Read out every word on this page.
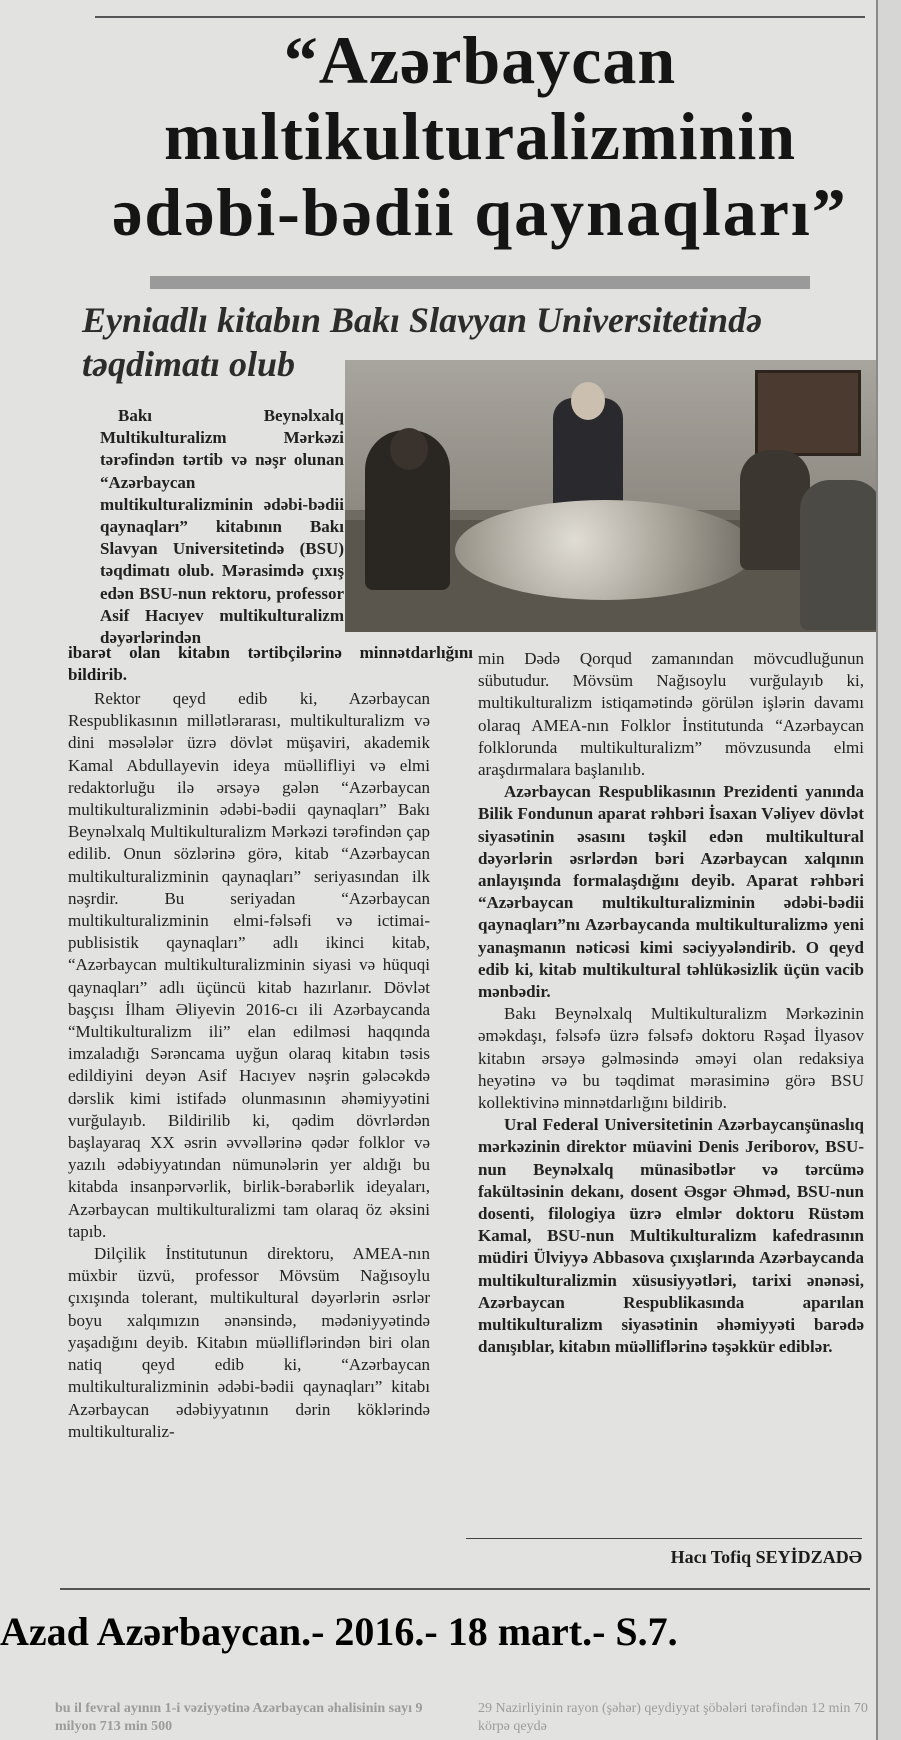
“Azərbaycan
multikulturalizminin
ədəbi-bədii qaynaqları”
Eyniadlı kitabın Bakı Slavyan Universitetində təqdimatı olub

Bakı Beynəlxalq Multikulturalizm Mərkəzi tərəfindən tərtib və nəşr olunan “Azərbaycan multikulturalizminin ədəbi-bədii qaynaqları” kitabının Bakı Slavyan Universitetində (BSU) təqdimatı olub. Mərasimdə çıxış edən BSU-nun rektoru, professor Asif Hacıyev multikulturalizm dəyərlərindən

ibarət olan kitabın tərtibçilərinə minnətdarlığını bildirib.

Rektor qeyd edib ki, Azərbaycan Respublikasının millətlərarası, multikulturalizm və dini məsələlər üzrə dövlət müşaviri, akademik Kamal Abdullayevin ideya müəllifliyi və elmi redaktorluğu ilə ərsəyə gələn “Azərbaycan multikulturalizminin ədəbi-bədii qaynaqları” Bakı Beynəlxalq Multikulturalizm Mərkəzi tərəfindən çap edilib. Onun sözlərinə görə, kitab “Azərbaycan multikulturalizminin qaynaqları” seriyasından ilk nəşrdir. Bu seriyadan “Azərbaycan multikulturalizminin elmi-fəlsəfi və ictimai-publisistik qaynaqları” adlı ikinci kitab, “Azərbaycan multikulturalizminin siyasi və hüquqi qaynaqları” adlı üçüncü kitab hazırlanır. Dövlət başçısı İlham Əliyevin 2016-cı ili Azərbaycanda “Multikulturalizm ili” elan edilməsi haqqında imzaladığı Sərəncama uyğun olaraq kitabın təsis edildiyini deyən Asif Hacıyev nəşrin gələcəkdə dərslik kimi istifadə olunmasının əhəmiyyətini vurğulayıb. Bildirilib ki, qədim dövrlərdən başlayaraq XX əsrin əvvəllərinə qədər folklor və yazılı ədəbiyyatından nümunələrin yer aldığı bu kitabda insanpərvərlik, birlik-bərabərlik ideyaları, Azərbaycan multikulturalizmi tam olaraq öz əksini tapıb.

Dilçilik İnstitutunun direktoru, AMEA-nın müxbir üzvü, professor Mövsüm Nağısoylu çıxışında tolerant, multikultural dəyərlərin əsrlər boyu xalqımızın ənənsində, mədəniyyətində yaşadığını deyib. Kitabın müəlliflərindən biri olan natiq qeyd edib ki, “Azərbaycan multikulturalizminin ədəbi-bədii qaynaqları” kitabı Azərbaycan ədəbiyyatının dərin köklərində multikulturaliz-

min Dədə Qorqud zamanından mövcudluğunun sübutudur. Mövsüm Nağısoylu vurğulayıb ki, multikulturalizm istiqamətində görülən işlərin davamı olaraq AMEA-nın Folklor İnstitutunda “Azərbaycan folklorunda multikulturalizm” mövzusunda elmi araşdırmalara başlanılıb.

Azərbaycan Respublikasının Prezidenti yanında Bilik Fondunun aparat rəhbəri İsaxan Vəliyev dövlət siyasətinin əsasını təşkil edən multikultural dəyərlərin əsrlərdən bəri Azərbaycan xalqının anlayışında formalaşdığını deyib. Aparat rəhbəri “Azərbaycan multikulturalizminin ədəbi-bədii qaynaqları”nı Azərbaycanda multikulturalizmə yeni yanaşmanın nəticəsi kimi səciyyələndirib. O qeyd edib ki, kitab multikultural təhlükəsizlik üçün vacib mənbədir.

Bakı Beynəlxalq Multikulturalizm Mərkəzinin əməkdaşı, fəlsəfə üzrə fəlsəfə doktoru Rəşad İlyasov kitabın ərsəyə gəlməsində əməyi olan redaksiya heyətinə və bu təqdimat mərasiminə görə BSU kollektivinə minnətdarlığını bildirib.

Ural Federal Universitetinin Azərbaycanşünaslıq mərkəzinin direktor müavini Denis Jeriborov, BSU-nun Beynəlxalq münasibətlər və tərcümə fakültəsinin dekanı, dosent Əsgər Əhməd, BSU-nun dosenti, filologiya üzrə elmlər doktoru Rüstəm Kamal, BSU-nun Multikulturalizm kafedrasının müdiri Ülviyyə Abbasova çıxışlarında Azərbaycanda multikulturalizmin xüsusiyyətləri, tarixi ənənəsi, Azərbaycan Respublikasında aparılan multikulturalizm siyasətinin əhəmiyyəti barədə danışıblar, kitabın müəlliflərinə təşəkkür ediblər.

Hacı Tofiq SEYİDZADƏ
bu il fevral ayının 1-i vəziyyətinə Azərbaycan əhalisinin sayı 9 milyon 713 min 500
29 Nazirliyinin rayon (şəhər) qeydiyyat şöbələri tərəfindən 12 min 70 körpə qeydə
Azad Azərbaycan.- 2016.- 18 mart.- S.7.
